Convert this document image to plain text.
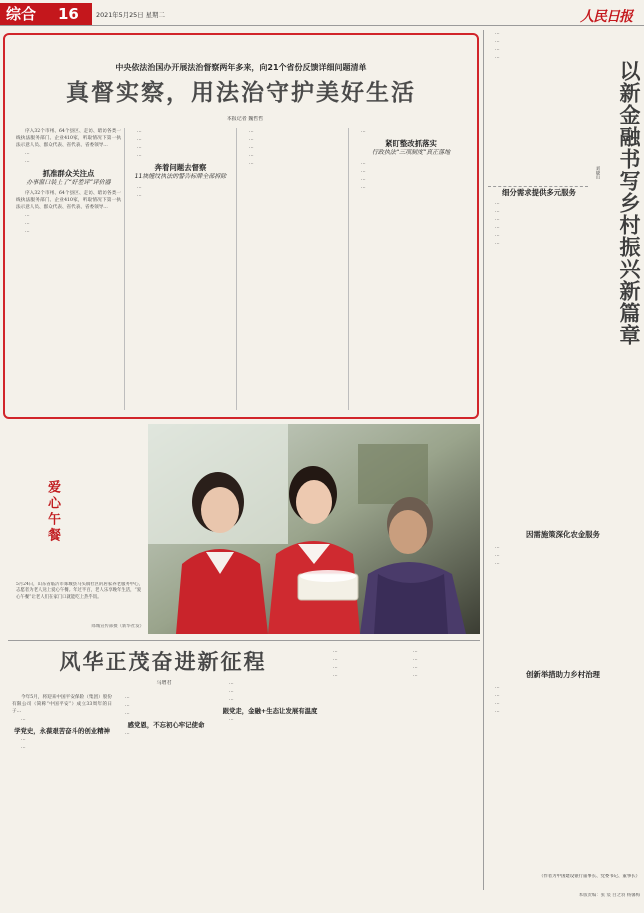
综合 16	2021年5月25日 星期二	人民日报
中央依法治国办开展法治督察两年多来，向21个省份反馈详细问题清单
真督实察，用法治守护美好生活
本报记者 魏哲哲

序入32个市州、64个县区、走访、暗访各类一线执法服务部门、企业410家，听取情况下第一执法示意人员、群众代表、省代表、省委领导…

…

…

抓准群众关注点
办事窗口装上了“好差评”评价器

序入32个市州、64个县区、走访、暗访各类一线执法服务部门、企业410家，听取情况下第一执法示意人员、群众代表、省代表、省委领导…

…

…

…

…

…

…

…

奔着问题去督察
11块缠纹执法的警告标牌全部拆除

…

…

…

…

…

…

…

…

紧盯整改抓落实
行政执法“三项制度”真正落地

…

…

…

…

…

…

…

…

以新金融书写乡村振兴新篇章
刘晓山
细分需求提供多元服务

…

…

…

…

…

…

因需施策深化农金服务

…

…

…

创新举措助力乡村治理

…

…

…

…

（作者为中国建设银行董事长、党委书记、董事长）
本版责编：张 宸 白之羽 杨馨梅
爱心午餐
5月24日，山东省临沂市郯城县马头镇社区的居家养老服务中心，志愿者为老人送上爱心午餐。年过半百，老人乐享晚年生活，“爱心午餐”让老人们在家门口就能吃上热乎饭。
郯城宣传部摄（新华社发）
风华正茂奋进新征程
马增君

今年5月，将迎来中国平安保险（集团）股份有限公司（简称“中国平安”）成立33周年的日子…

…

学党史，永葆艰苦奋斗的创业精神

…

…

…

…

…

感党恩，不忘初心牢记使命

…

…

…

…

跟党走，金融+生态让发展有温度

…

…

…

…

…

…

…

…

…
